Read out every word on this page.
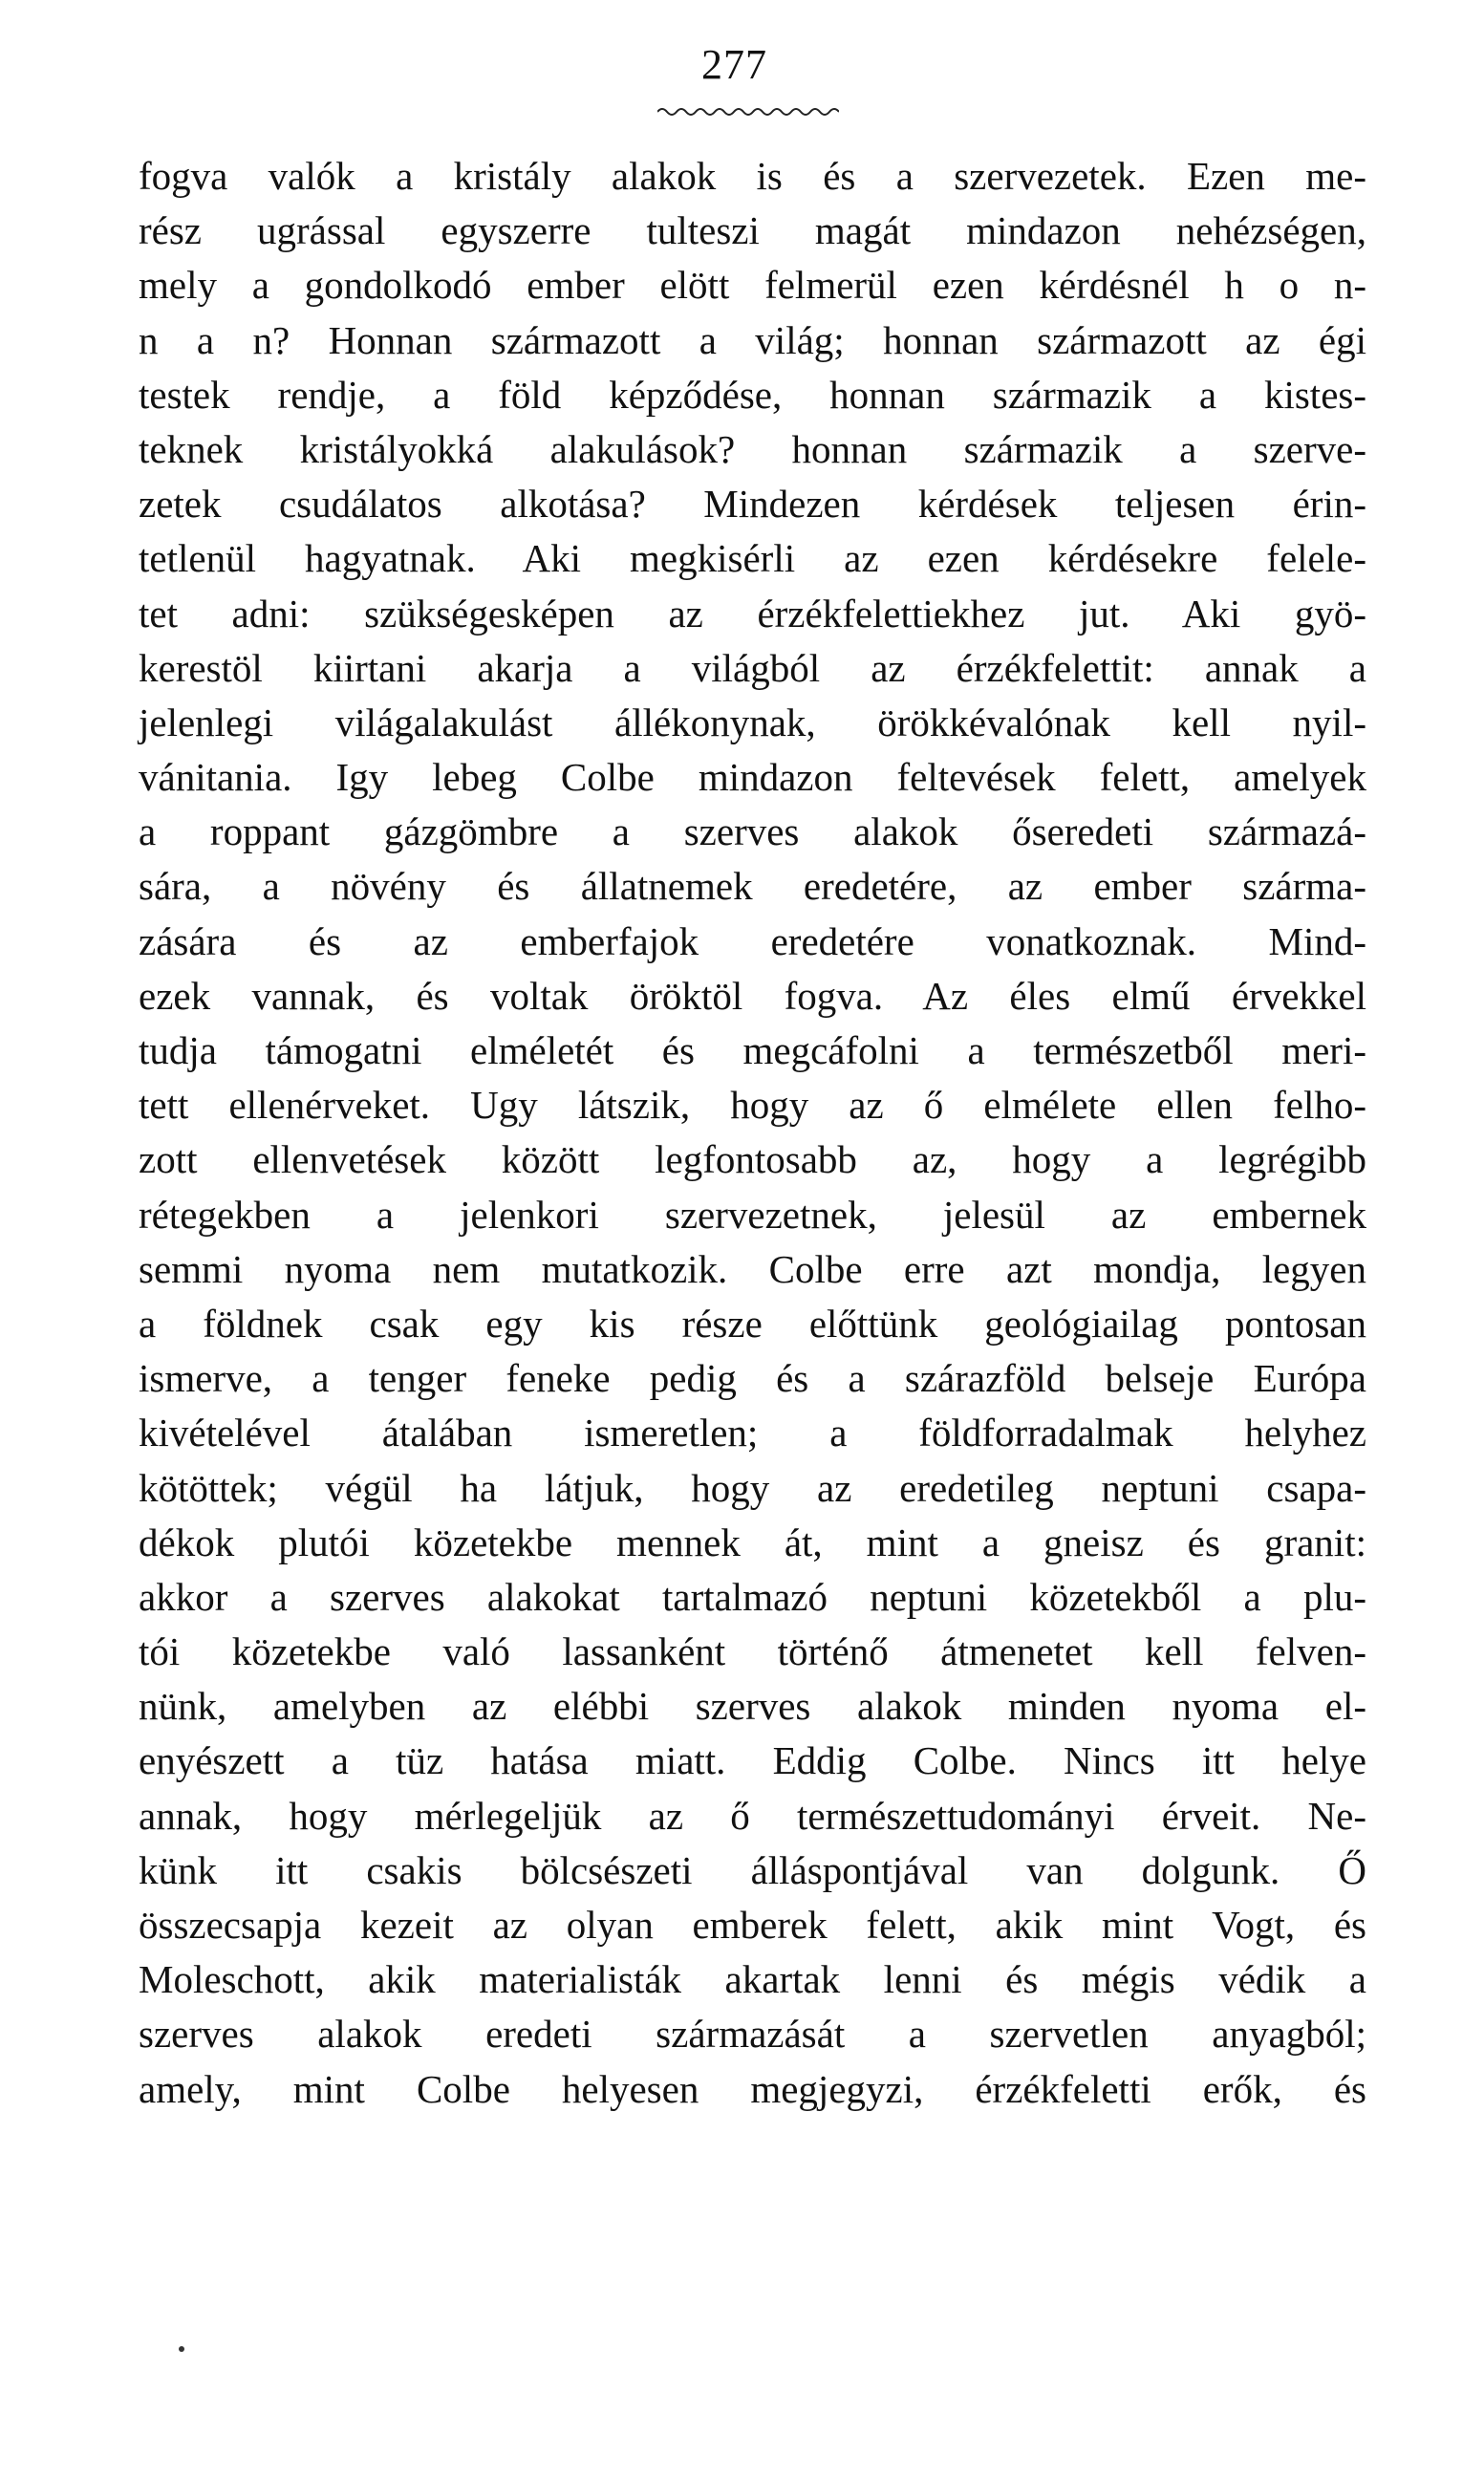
277
fogva valók a kristály alakok is és a szervezetek. Ezen me-
rész ugrással egyszerre tulteszi magát mindazon nehézségen,
mely a gondolkodó ember elött felmerül ezen kérdésnél h o n-
n a n? Honnan származott a világ; honnan származott az égi
testek rendje, a föld képződése, honnan származik a kistes-
teknek kristályokká alakulások? honnan származik a szerve-
zetek csudálatos alkotása? Mindezen kérdések teljesen érin-
tetlenül hagyatnak. Aki megkisérli az ezen kérdésekre felele-
tet adni: szükségesképen az érzékfelettiekhez jut. Aki gyö-
kerestöl kiirtani akarja a világból az érzékfelettit: annak a
jelenlegi világalakulást állékonynak, örökkévalónak kell nyil-
vánitania. Igy lebeg Colbe mindazon feltevések felett, amelyek
a roppant gázgömbre a szerves alakok őseredeti származá-
sára, a növény és állatnemek eredetére, az ember szárma-
zására és az emberfajok eredetére vonatkoznak. Mind-
ezek vannak, és voltak öröktöl fogva. Az éles elmű érvekkel
tudja támogatni elméletét és megcáfolni a természetből meri-
tett ellenérveket. Ugy látszik, hogy az ő elmélete ellen felho-
zott ellenvetések között legfontosabb az, hogy a legrégibb
rétegekben a jelenkori szervezetnek, jelesül az embernek
semmi nyoma nem mutatkozik. Colbe erre azt mondja, legyen
a földnek csak egy kis része előttünk geológiailag pontosan
ismerve, a tenger feneke pedig és a szárazföld belseje Európa
kivételével átalában ismeretlen; a földforradalmak helyhez
kötöttek; végül ha látjuk, hogy az eredetileg neptuni csapa-
dékok plutói közetekbe mennek át, mint a gneisz és granit:
akkor a szerves alakokat tartalmazó neptuni közetekből a plu-
tói közetekbe való lassanként történő átmenetet kell felven-
nünk, amelyben az elébbi szerves alakok minden nyoma el-
enyészett a tüz hatása miatt. Eddig Colbe. Nincs itt helye
annak, hogy mérlegeljük az ő természettudományi érveit. Ne-
künk itt csakis bölcsészeti álláspontjával van dolgunk. Ő
összecsapja kezeit az olyan emberek felett, akik mint Vogt, és
Moleschott, akik materialisták akartak lenni és mégis védik a
szerves alakok eredeti származását a szervetlen anyagból;
amely, mint Colbe helyesen megjegyzi, érzékfeletti erők, és
